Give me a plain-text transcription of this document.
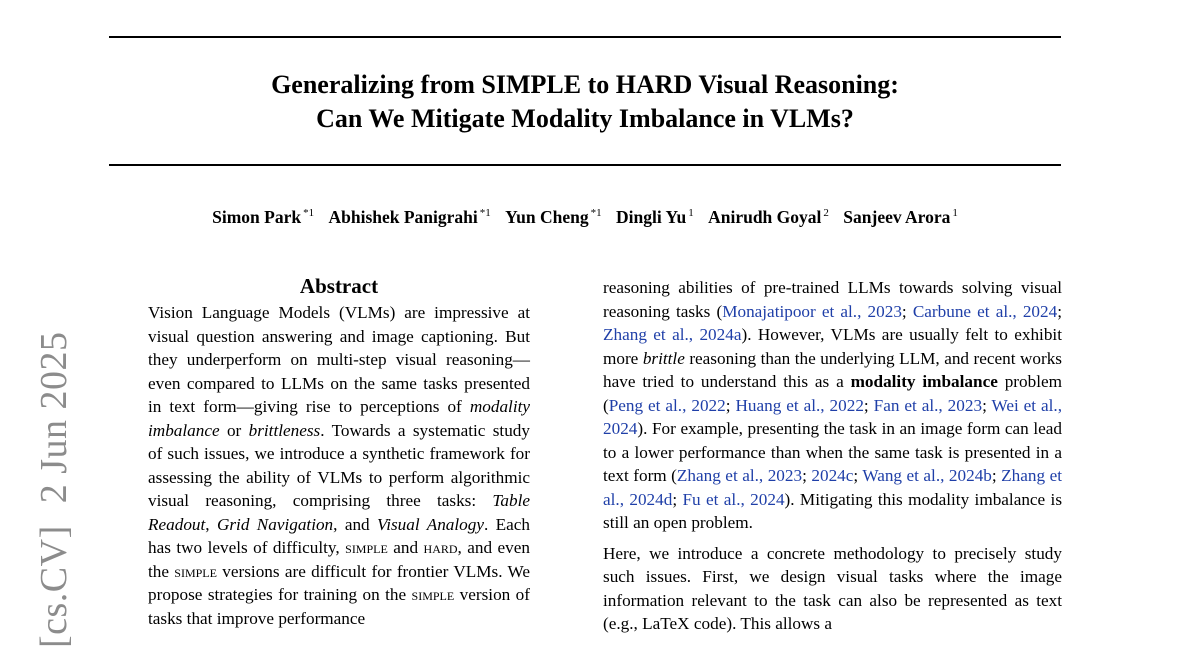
Generalizing from SIMPLE to HARD Visual Reasoning:
Can We Mitigate Modality Imbalance in VLMs?
Simon Park $^{*1}$ Abhishek Panigrahi $^{*1}$ Yun Cheng $^{*1}$ Dingli Yu $^1$ Anirudh Goyal $^2$ Sanjeev Arora $^1$
[cs.CV]2 Jun 2025
Abstract

Vision Language Models (VLMs) are impressive at visual question answering and image captioning. But they underperform on multi-step visual reasoning—even compared to LLMs on the same tasks presented in text form—giving rise to perceptions of modality imbalance or brittleness. Towards a systematic study of such issues, we introduce a synthetic framework for assessing the ability of VLMs to perform algorithmic visual reasoning, comprising three tasks: Table Readout, Grid Navigation, and Visual Analogy. Each has two levels of difficulty, simple and hard, and even the simple versions are difficult for frontier VLMs. We propose strategies for training on the simple version of tasks that improve performance

reasoning abilities of pre-trained LLMs towards solving visual reasoning tasks (Monajatipoor et al., 2023; Carbune et al., 2024; Zhang et al., 2024a). However, VLMs are usually felt to exhibit more brittle reasoning than the underlying LLM, and recent works have tried to understand this as a modality imbalance problem (Peng et al., 2022; Huang et al., 2022; Fan et al., 2023; Wei et al., 2024). For example, presenting the task in an image form can lead to a lower performance than when the same task is presented in a text form (Zhang et al., 2023; 2024c; Wang et al., 2024b; Zhang et al., 2024d; Fu et al., 2024). Mitigating this modality imbalance is still an open problem.

Here, we introduce a concrete methodology to precisely study such issues. First, we design visual tasks where the image information relevant to the task can also be represented as text (e.g., LaTeX code). This allows a
